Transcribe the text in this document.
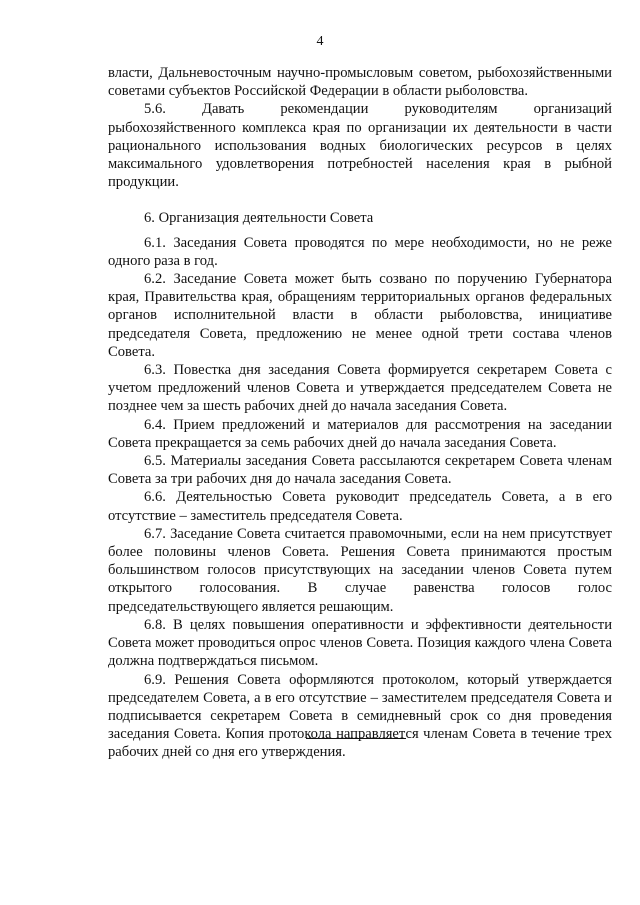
4

власти, Дальневосточным научно-промысловым советом, рыбохозяйственными советами субъектов Российской Федерации в области рыболовства.

5.6. Давать рекомендации руководителям организаций рыбохозяйственного комплекса края по организации их деятельности в части рационального использования водных биологических ресурсов в целях максимального удовлетворения потребностей населения края в рыбной продукции.

6. Организация деятельности Совета

6.1. Заседания Совета проводятся по мере необходимости, но не реже одного раза в год.

6.2. Заседание Совета может быть созвано по поручению Губернатора края, Правительства края, обращениям территориальных органов федеральных органов исполнительной власти в области рыболовства, инициативе председателя Совета, предложению не менее одной трети состава членов Совета.

6.3. Повестка дня заседания Совета формируется секретарем Совета с учетом предложений членов Совета и утверждается председателем Совета не позднее чем за шесть рабочих дней до начала заседания Совета.

6.4. Прием предложений и материалов для рассмотрения на заседании Совета прекращается за семь рабочих дней до начала заседания Совета.

6.5. Материалы заседания Совета рассылаются секретарем Совета членам Совета за три рабочих дня до начала заседания Совета.

6.6. Деятельностью Совета руководит председатель Совета, а в его отсутствие – заместитель председателя Совета.

6.7. Заседание Совета считается правомочными, если на нем присутствует более половины членов Совета. Решения Совета принимаются простым большинством голосов присутствующих на заседании членов Совета путем открытого голосования. В случае равенства голосов голос председательствующего является решающим.

6.8. В целях повышения оперативности и эффективности деятельности Совета может проводиться опрос членов Совета. Позиция каждого члена Совета должна подтверждаться письмом.

6.9. Решения Совета оформляются протоколом, который утверждается председателем Совета, а в его отсутствие – заместителем председателя Совета и подписывается секретарем Совета в семидневный срок со дня проведения заседания Совета. Копия протокола направляется членам Совета в течение трех рабочих дней со дня его утверждения.
